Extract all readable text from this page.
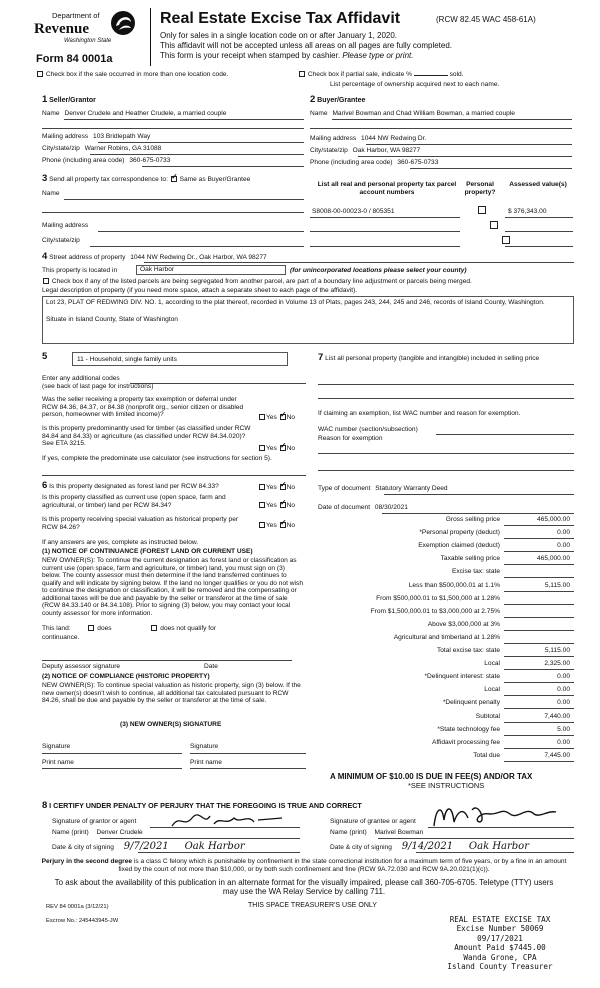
Department of
Revenue
Washington State
Form 84 0001a
Real Estate Excise Tax Affidavit	(RCW 82.45 WAC 458-61A)
Only for sales in a single location code on or after January 1, 2020.
This affidavit will not be accepted unless all areas on all pages are fully completed.
This form is your receipt when stamped by cashier. Please type or print.
Check box if the sale occurred in more than one location code.	Check box if partial sale, indicate %	sold.
List percentage of ownership acquired next to each name.
1 Seller/Grantor
Name Denver Crudele and Heather Crudele, a married couple
Mailing address 103 Bridlepath Way
City/state/zip Warner Robins, GA 31088
Phone (including area code) 360-675-0733
2 Buyer/Grantee
Name Marivel Bowman and Chad William Bowman, a married couple
Mailing address 1044 NW Redwing Dr.
City/state/zip Oak Harbor, WA 98277
Phone (including area code) 360-675-0733
3 Send all property tax correspondence to: ✓ Same as Buyer/Grantee
Name
Mailing address
City/state/zip
List all real and personal property tax parcel account numbers
Personal property?
Assessed value(s)
S8008-00-00023-0 / 805351
	$ 376,343.00
4 Street address of property 1044 NW Redwing Dr., Oak Harbor, WA 98277
This property is located in	Oak Harbor	(for unincorporated locations please select your county)
Check box if any of the listed parcels are being segregated from another parcel, are part of a boundary line adjustment or parcels being merged.
Legal description of property (if you need more space, attach a separate sheet to each page of the affidavit).
Lot 23, PLAT OF REDWING DIV. NO. 1, according to the plat thereof, recorded in Volume 13 of Plats, pages 243, 244, 245 and 246, records of Island County, Washington.
Situate in Island County, State of Washington
5	11 - Household, single family units
Enter any additional codes
(see back of last page for instructions)
Was the seller receiving a property tax exemption or deferral under RCW 84.36, 84.37, or 84.38 (nonprofit org., senior citizen or disabled person, homeowner with limited income)?	Yes ✓ No
Is this property predominantly used for timber (as classified under RCW 84.84 and 84.33) or agriculture (as classified under RCW 84.34.020)? See ETA 3215.
Yes ✓ No
If yes, complete the predominate use calculator (see instructions for section 5).
6 Is this property designated as forest land per RCW 84.33?	Yes ✓ No
Is this property classified as current use (open space, farm and agricultural, or timber) land per RCW 84.34?	Yes ✓ No
Is this property receiving special valuation as historical property per RCW 84.26?	Yes ✓ No
If any answers are yes, complete as instructed below.
(1) NOTICE OF CONTINUANCE (FOREST LAND OR CURRENT USE)
NEW OWNER(S): To continue the current designation as forest land or classification as current use (open space, farm and agriculture, or timber) land, you must sign on (3) below. The county assessor must then determine if the land transferred continues to qualify and will indicate by signing below. If the land no longer qualifies or you do not wish to continue the designation or classification, it will be removed and the compensating or additional taxes will be due and payable by the seller or transferor at the time of sale (RCW 84.33.140 or 84.34.108). Prior to signing (3) below, you may contact your local county assessor for more information.
This land:	does	does not qualify for
continuance.
Deputy assessor signature	Date
(2) NOTICE OF COMPLIANCE (HISTORIC PROPERTY)
NEW OWNER(S): To continue special valuation as historic property, sign (3) below. If the new owner(s) doesn't wish to continue, all additional tax calculated pursuant to RCW 84.26, shall be due and payable by the seller or transferor at the time of sale.
(3) NEW OWNER(S) SIGNATURE
Signature	Signature
Print name	Print name
7 List all personal property (tangible and intangible) included in selling price
If claiming an exemption, list WAC number and reason for exemption.
WAC number (section/subsection)
Reason for exemption
Type of document Statutory Warranty Deed
Date of document 08/30/2021
Gross selling price	465,000.00
*Personal property (deduct)	0.00
Exemption claimed (deduct)	0.00
Taxable selling price	465,000.00
Excise tax: state
Less than $500,000.01 at 1.1%	5,115.00
From $500,000.01 to $1,500,000 at 1.28%
From $1,500,000.01 to $3,000,000 at 2.75%
Above $3,000,000 at 3%
Agricultural and timberland at 1.28%
Total excise tax: state	5,115.00
Local	2,325.00
*Delinquent interest: state	0.00
Local	0.00
*Delinquent penalty	0.00
Subtotal	7,440.00
*State technology fee	5.00
Affidavit processing fee	0.00
Total due	7,445.00
A MINIMUM OF $10.00 IS DUE IN FEE(S) AND/OR TAX
*SEE INSTRUCTIONS
8 I CERTIFY UNDER PENALTY OF PERJURY THAT THE FOREGOING IS TRUE AND CORRECT
Signature of grantor or agent
Denver Crudele
Name (print) Denver Crudele
Date & city of signing 9/7/2021 Oak Harbor
Signature of grantee or agent	M Bowman
Name (print) Marivel Bowman
Date & city of signing 9/14/2021 Oak Harbor
Perjury in the second degree is a class C felony which is punishable by confinement in the state correctional institution for a maximum term of five years, or by a fine in an amount fixed by the court of not more than $10,000, or by both such confinement and fine (RCW 9A.72.030 and RCW 9A.20.021(1)(c)).
To ask about the availability of this publication in an alternate format for the visually impaired, please call 360-705-6705. Teletype (TTY) users may use the WA Relay Service by calling 711.
REV 84 0001a (3/12/21)	THIS SPACE TREASURER'S USE ONLY
Escrow No.: 245443945-JW	REAL ESTATE EXCISE TAX
Excise Number 50069
09/17/2021
Amount Paid $7445.00
Wanda Grone, CPA
Island County Treasurer
